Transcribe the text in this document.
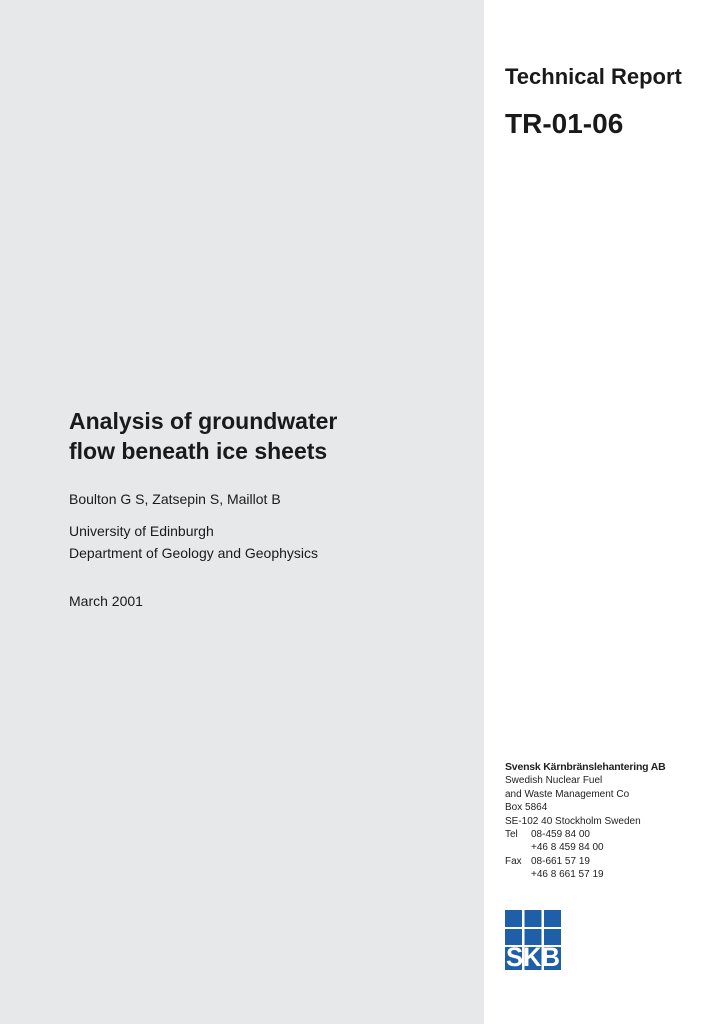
Technical Report
TR-01-06
Analysis of groundwater
flow beneath ice sheets
Boulton G S, Zatsepin S, Maillot B
University of Edinburgh
Department of Geology and Geophysics
March 2001
Svensk Kärnbränslehantering AB
Swedish Nuclear Fuel
and Waste Management Co
Box 5864
SE-102 40 Stockholm Sweden
Tel 08-459 84 00
+46 8 459 84 00
Fax 08-661 57 19
+46 8 661 57 19
SKB
